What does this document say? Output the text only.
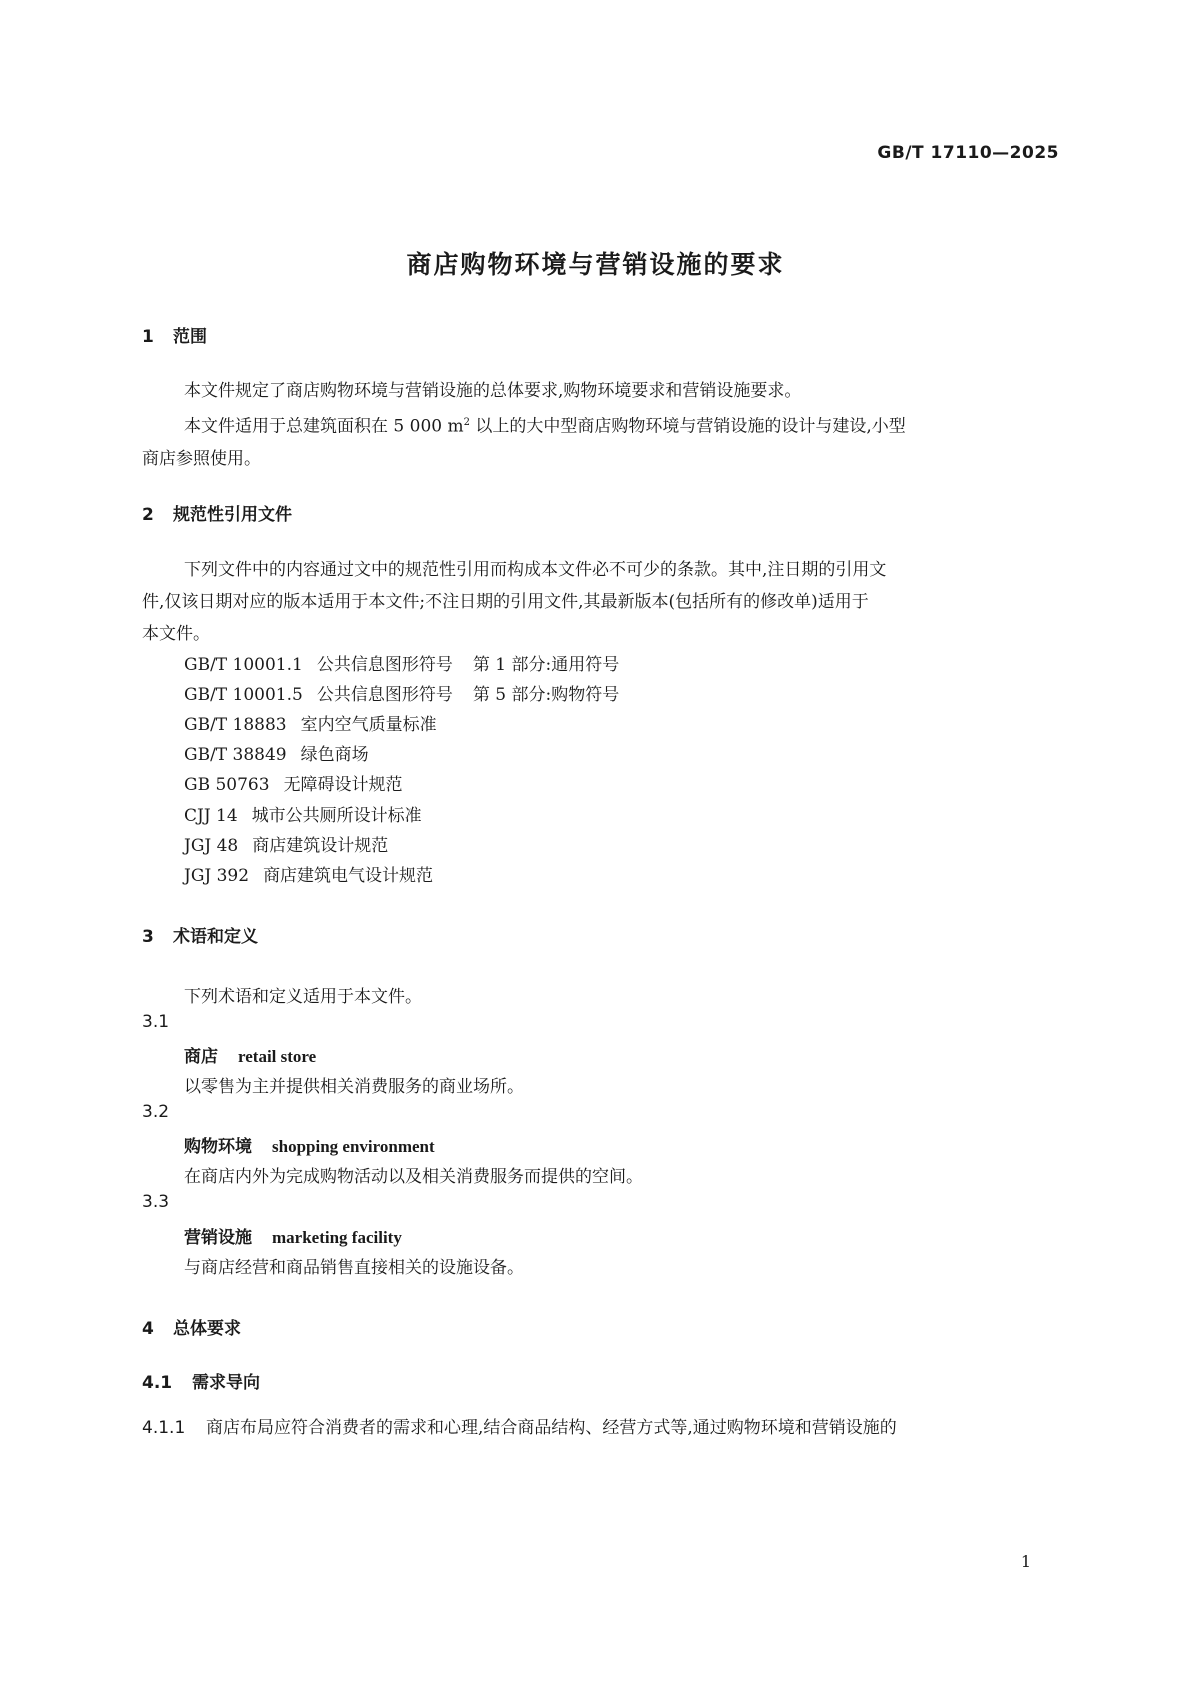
GB/T 17110—2025
商店购物环境与营销设施的要求
1 范围
本文件规定了商店购物环境与营销设施的总体要求,购物环境要求和营销设施要求。
本文件适用于总建筑面积在 5 000 $m^2$ 以上的大中型商店购物环境与营销设施的设计与建设,小型
商店参照使用。
2 规范性引用文件
下列文件中的内容通过文中的规范性引用而构成本文件必不可少的条款。其中,注日期的引用文
件,仅该日期对应的版本适用于本文件;不注日期的引用文件,其最新版本(包括所有的修改单)适用于
本文件。
GB/T 10001.1 公共信息图形符号 第 1 部分:通用符号
GB/T 10001.5 公共信息图形符号 第 5 部分:购物符号
GB/T 18883 室内空气质量标准
GB/T 38849 绿色商场
GB 50763 无障碍设计规范
CJJ 14 城市公共厕所设计标准
JGJ 48 商店建筑设计规范
JGJ 392 商店建筑电气设计规范
3 术语和定义
下列术语和定义适用于本文件。
3.1
商店 retail store
以零售为主并提供相关消费服务的商业场所。
3.2
购物环境 shopping environment
在商店内外为完成购物活动以及相关消费服务而提供的空间。
3.3
营销设施 marketing facility
与商店经营和商品销售直接相关的设施设备。
4 总体要求
4.1 需求导向
4.1.1 商店布局应符合消费者的需求和心理,结合商品结构、经营方式等,通过购物环境和营销设施的
1
